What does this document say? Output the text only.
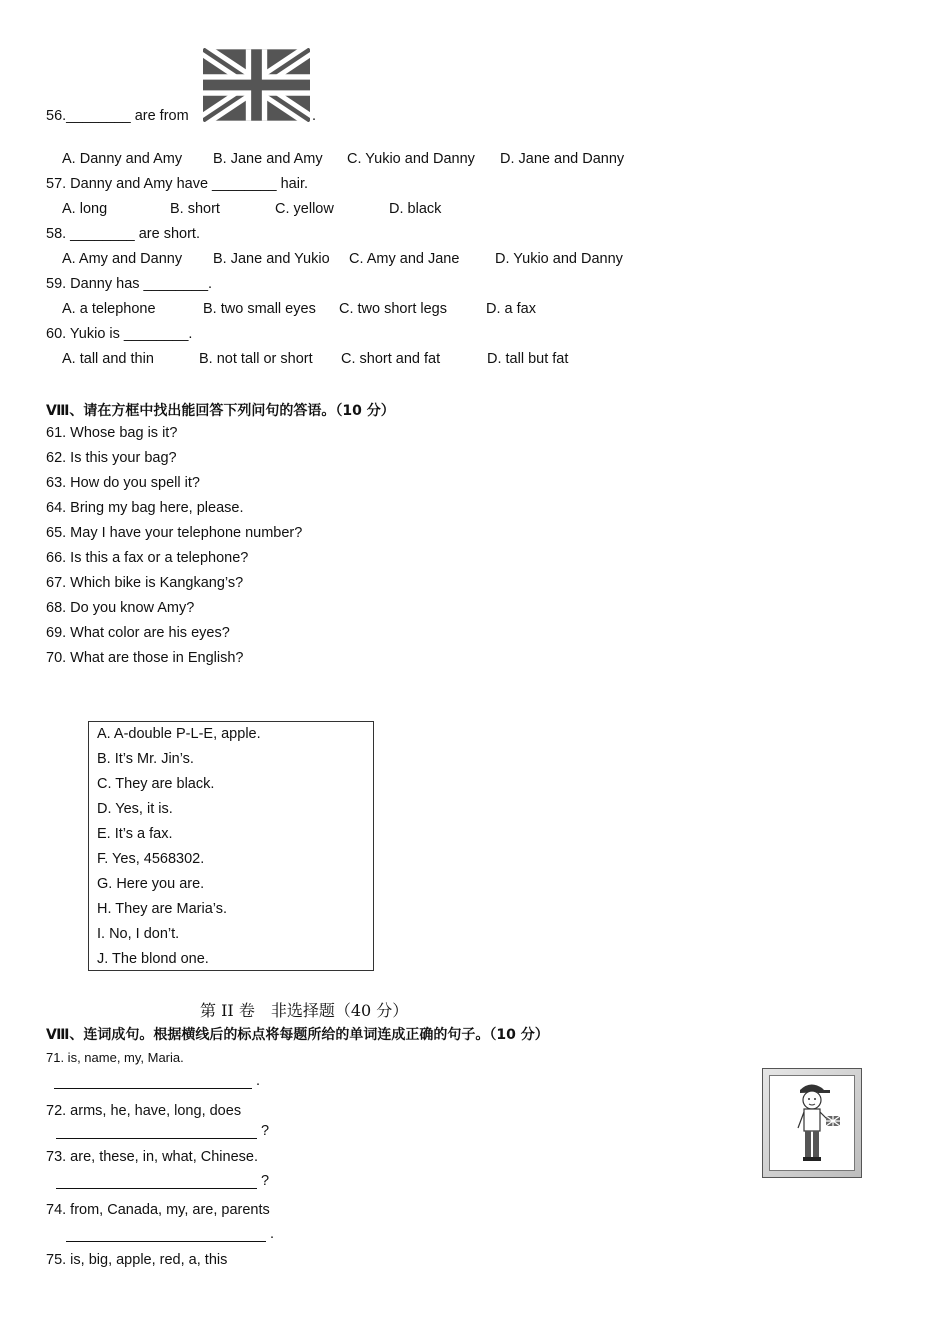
56.________ are from	.
A. Danny and Amy B. Jane and Amy C. Yukio and Danny D. Jane and Danny
57. Danny and Amy have ________ hair.
A. long	B. short	C. yellow	D. black
58. ________ are short.
A. Amy and Danny B. Jane and Yukio C. Amy and Jane D. Yukio and Danny
59. Danny has ________.
A. a telephone	B. two small eyes C. two short legs	D. a fax
60. Yukio is ________.
A. tall and thin	B. not tall or short C. short and fat	D. tall but fat
Ⅷ、请在方框中找出能回答下列问句的答语。（10 分）
61. Whose bag is it?
62. Is this your bag?
63. How do you spell it?
64. Bring my bag here, please.
65. May I have your telephone number?
66. Is this a fax or a telephone?
67. Which bike is Kangkang’s?
68. Do you know Amy?
69. What color are his eyes?
70. What are those in English?
A. A-double P-L-E, apple.
B. It’s Mr. Jin’s.
C. They are black.
D. Yes, it is.
E. It’s a fax.
F. Yes, 4568302.
G. Here you are.
H. They are Maria’s.
I. No, I don’t.
J. The blond one.
第 II 卷　非选择题（40 分）
Ⅷ、连词成句。根据横线后的标点将每题所给的单词连成正确的句子。（10 分）
71. is, name, my, Maria.
.
72. arms, he, have, long, does
?
73. are, these, in, what, Chinese.
?
74. from, Canada, my, are, parents
.
75. is, big, apple, red, a, this
